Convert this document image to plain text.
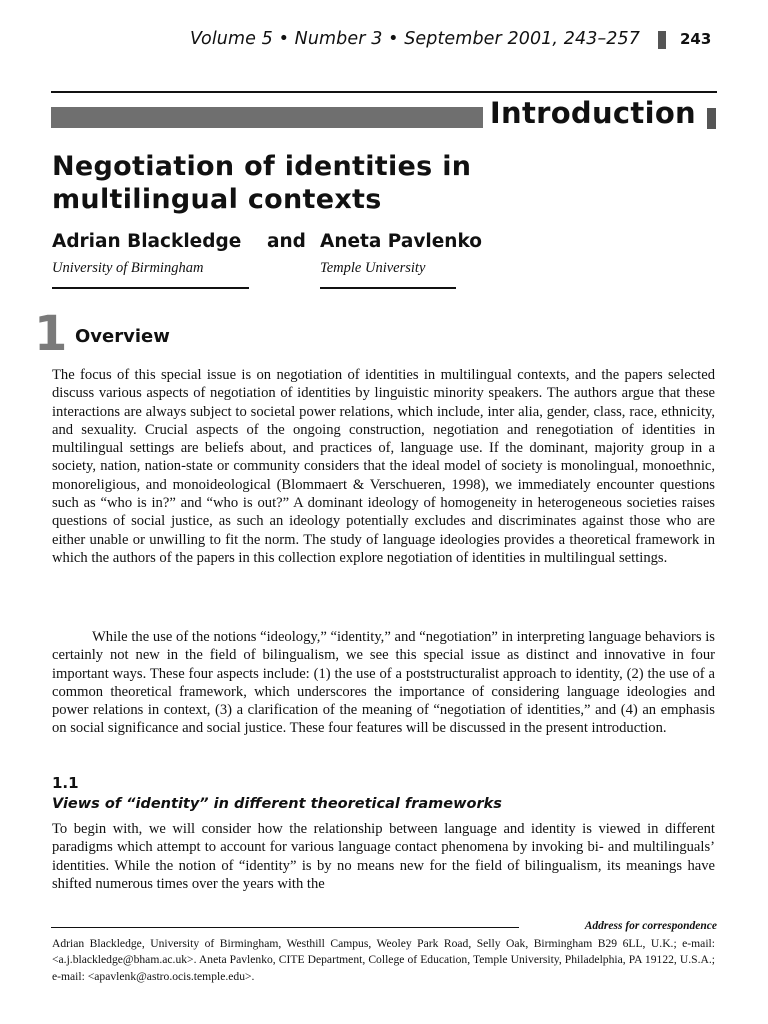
Volume 5 • Number 3 • September 2001, 243–257	243
Introduction
Negotiation of identities in multilingual contexts
Adrian Blackledge and Aneta Pavlenko
University of Birmingham	Temple University
1 Overview

The focus of this special issue is on negotiation of identities in multilingual contexts, and the papers selected discuss various aspects of negotiation of identities by linguistic minority speakers. The authors argue that these interactions are always subject to societal power relations, which include, inter alia, gender, class, race, ethnicity, and sexuality. Crucial aspects of the ongoing construction, negotiation and renegotiation of identities in multilingual settings are beliefs about, and practices of, language use. If the dominant, majority group in a society, nation, nation-state or community considers that the ideal model of society is monolingual, monoethnic, monoreligious, and monoideological (Blommaert & Verschueren, 1998), we immediately encounter questions such as “who is in?” and “who is out?” A dominant ideology of homogeneity in heterogeneous societies raises questions of social justice, as such an ideology potentially excludes and discriminates against those who are either unable or unwilling to fit the norm. The study of language ideologies provides a theoretical framework in which the authors of the papers in this collection explore negotiation of identities in multilingual settings.

While the use of the notions “ideology,” “identity,” and “negotiation” in interpreting language behaviors is certainly not new in the field of bilingualism, we see this special issue as distinct and innovative in four important ways. These four aspects include: (1) the use of a poststructuralist approach to identity, (2) the use of a common theoretical framework, which underscores the importance of considering language ideologies and power relations in context, (3) a clarification of the meaning of “negotiation of identities,” and (4) an emphasis on social significance and social justice. These four features will be discussed in the present introduction.

1.1
Views of “identity” in different theoretical frameworks

To begin with, we will consider how the relationship between language and identity is viewed in different paradigms which attempt to account for various language contact phenomena by invoking bi- and multilinguals’ identities. While the notion of “identity” is by no means new for the field of bilingualism, its meanings have shifted numerous times over the years with the

Address for correspondence

Adrian Blackledge, University of Birmingham, Westhill Campus, Weoley Park Road, Selly Oak, Birmingham B29 6LL, U.K.; e-mail: <a.j.blackledge@bham.ac.uk>. Aneta Pavlenko, CITE Department, College of Education, Temple University, Philadelphia, PA 19122, U.S.A.; e-mail: <apavlenk@astro.ocis.temple.edu>.
